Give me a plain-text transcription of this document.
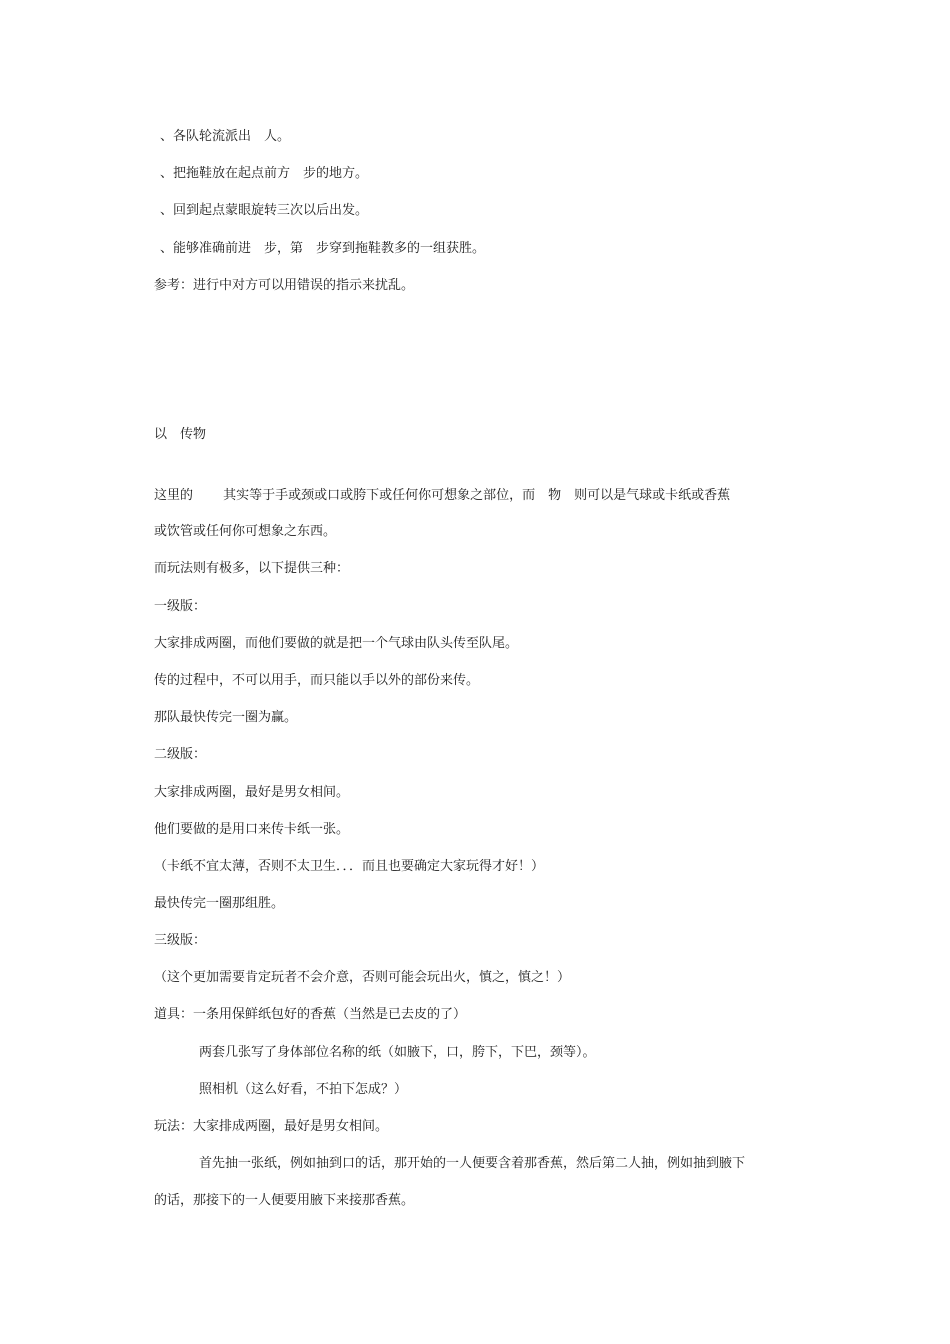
、各队轮流派出　人。

、把拖鞋放在起点前方　步的地方。

、回到起点蒙眼旋转三次以后出发。

、能够准确前进　步，第　步穿到拖鞋教多的一组获胜。

参考：进行中对方可以用错误的指示来扰乱。

以　传物

这里的　　 其实等于手或颈或口或胯下或任何你可想象之部位，而　物　则可以是气球或卡纸或香蕉

或饮管或任何你可想象之东西。

而玩法则有极多，以下提供三种：

一级版：

大家排成两圈，而他们要做的就是把一个气球由队头传至队尾。

传的过程中，不可以用手，而只能以手以外的部份来传。

那队最快传完一圈为赢。

二级版：

大家排成两圈，最好是男女相间。

他们要做的是用口来传卡纸一张。

（卡纸不宜太薄，否则不太卫生．．．而且也要确定大家玩得才好！）

最快传完一圈那组胜。

三级版：

（这个更加需要肯定玩者不会介意，否则可能会玩出火，慎之，慎之！）

道具：一条用保鲜纸包好的香蕉（当然是已去皮的了）

两套几张写了身体部位名称的纸（如腋下，口，胯下，下巴，颈等）。

照相机（这么好看，不拍下怎成？）

玩法：大家排成两圈，最好是男女相间。

首先抽一张纸，例如抽到口的话，那开始的一人便要含着那香蕉，然后第二人抽，例如抽到腋下

的话，那接下的一人便要用腋下来接那香蕉。
